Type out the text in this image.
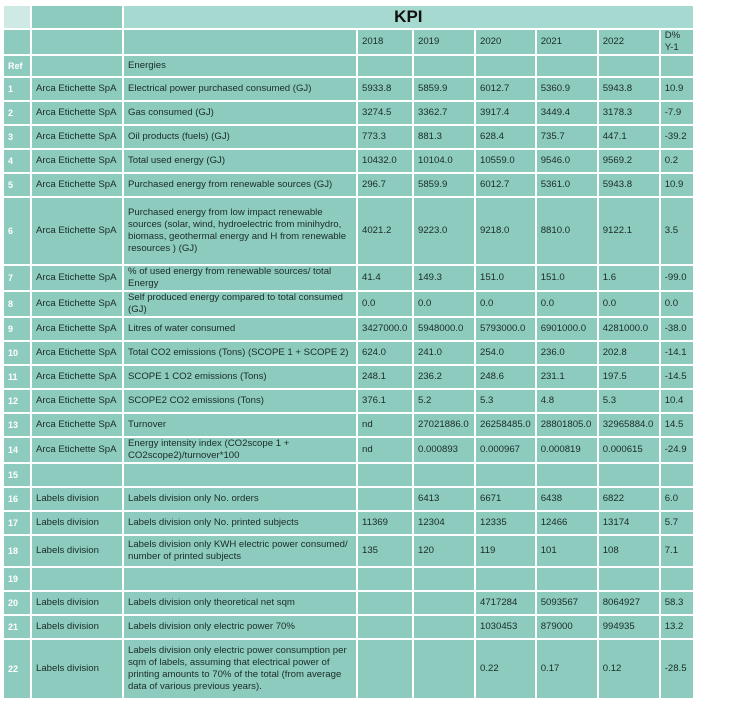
		KPI						
			2018	2019	2020	2021	2022	D% Y-1
Ref		Energies						
1	Arca Etichette SpA	Electrical power purchased consumed (GJ)	5933.8	5859.9	6012.7	5360.9	5943.8	10.9
2	Arca Etichette SpA	Gas consumed (GJ)	3274.5	3362.7	3917.4	3449.4	3178.3	-7.9
3	Arca Etichette SpA	Oil products (fuels) (GJ)	773.3	881.3	628.4	735.7	447.1	-39.2
4	Arca Etichette SpA	Total used energy (GJ)	10432.0	10104.0	10559.0	9546.0	9569.2	0.2
5	Arca Etichette SpA	Purchased energy from renewable sources (GJ)	296.7	5859.9	6012.7	5361.0	5943.8	10.9
6	Arca Etichette SpA	Purchased energy from low impact renewable sources (solar, wind, hydroelectric from minihydro, biomass, geothermal energy and H from renewable resources ) (GJ)	4021.2	9223.0	9218.0	8810.0	9122.1	3.5
7	Arca Etichette SpA	% of used energy from renewable sources/ total Energy	41.4	149.3	151.0	151.0	1.6	-99.0
8	Arca Etichette SpA	Self produced energy compared to total consumed (GJ)	0.0	0.0	0.0	0.0	0.0	0.0
9	Arca Etichette SpA	Litres of water consumed	3427000.0	5948000.0	5793000.0	6901000.0	4281000.0	-38.0
10	Arca Etichette SpA	Total CO2 emissions (Tons) (SCOPE 1 + SCOPE 2)	624.0	241.0	254.0	236.0	202.8	-14.1
11	Arca Etichette SpA	SCOPE 1 CO2 emissions (Tons)	248.1	236.2	248.6	231.1	197.5	-14.5
12	Arca Etichette SpA	SCOPE2 CO2 emissions (Tons)	376.1	5.2	5.3	4.8	5.3	10.4
13	Arca Etichette SpA	Turnover	nd	27021886.0	26258485.0	28801805.0	32965884.0	14.5
14	Arca Etichette SpA	Energy intensity index (CO2scope 1 + CO2scope2)/turnover*100	nd	0.000893	0.000967	0.000819	0.000615	-24.9
15								
16	Labels division	Labels division only No. orders		6413	6671	6438	6822	6.0
17	Labels division	Labels division only No. printed subjects	11369	12304	12335	12466	13174	5.7
18	Labels division	Labels division only KWH electric power consumed/ number of printed subjects	135	120	119	101	108	7.1
19								
20	Labels division	Labels division only theoretical net sqm			4717284	5093567	8064927	58.3
21	Labels division	Labels division only electric power 70%			1030453	879000	994935	13.2
22	Labels division	Labels division only electric power consumption per sqm of labels, assuming that electrical power of printing amounts to 70% of the total (from average data of various previous years).			0.22	0.17	0.12	-28.5
